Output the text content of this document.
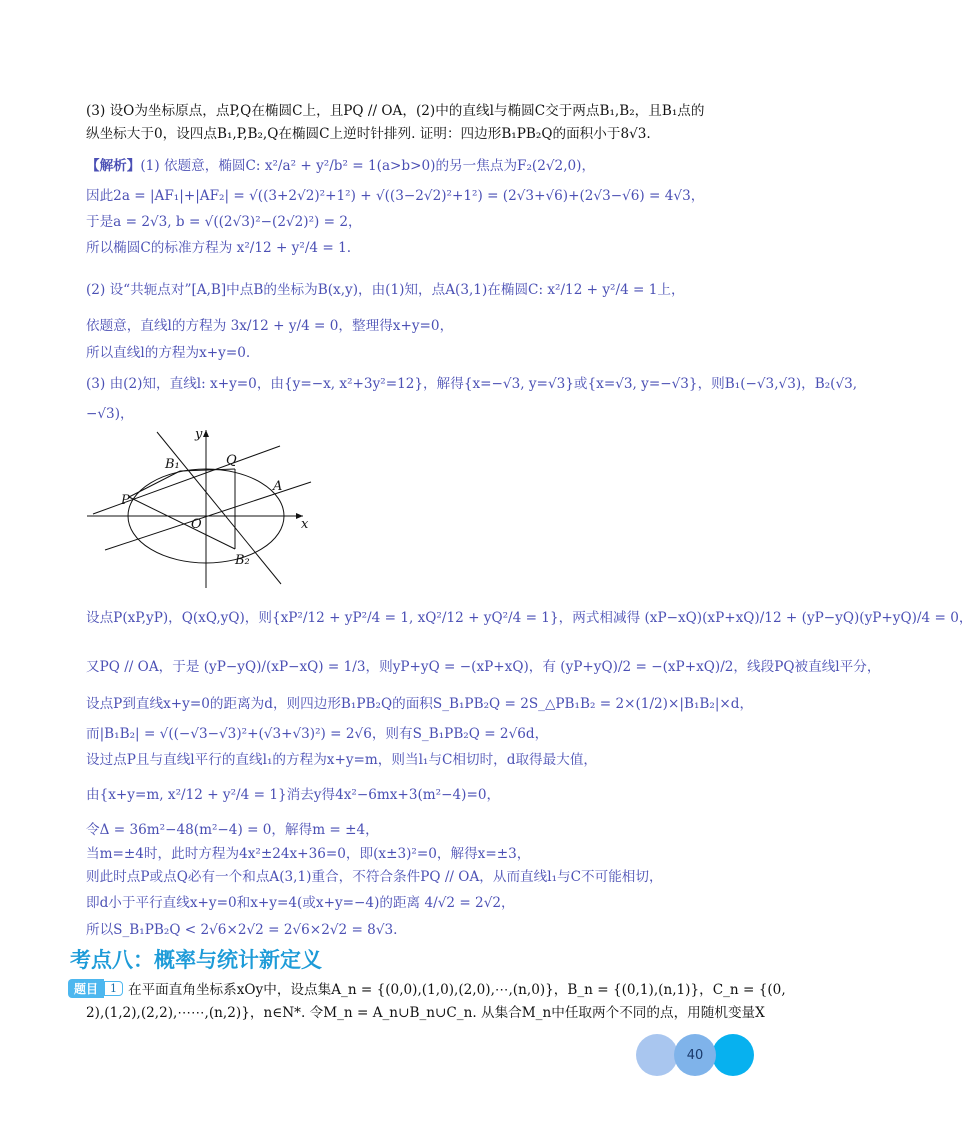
(3) 设O为坐标原点，点P,Q在椭圆C上，且PQ // OA，(2)中的直线l与椭圆C交于两点B₁,B₂，且B₁点的
纵坐标大于0，设四点B₁,P,B₂,Q在椭圆C上逆时针排列. 证明：四边形B₁PB₂Q的面积小于8√3.
【解析】(1) 依题意，椭圆C: x²/a² + y²/b² = 1(a>b>0)的另一焦点为F₂(2√2,0)，
因此2a = |AF₁|+|AF₂| = √((3+2√2)²+1²) + √((3−2√2)²+1²) = (2√3+√6)+(2√3−√6) = 4√3，
于是a = 2√3, b = √((2√3)²−(2√2)²) = 2，
所以椭圆C的标准方程为 x²/12 + y²/4 = 1.
(2) 设“共轭点对”[A,B]中点B的坐标为B(x,y)，由(1)知，点A(3,1)在椭圆C: x²/12 + y²/4 = 1上，
依题意，直线l的方程为 3x/12 + y/4 = 0，整理得x+y=0，
所以直线l的方程为x+y=0.
(3) 由(2)知，直线l: x+y=0，由{y=−x, x²+3y²=12}，解得{x=−√3, y=√3}或{x=√3, y=−√3}，则B₁(−√3,√3)，B₂(√3,
−√3)，
y
x
O
B₁	Q
A
P
B₂
设点P(xP,yP)，Q(xQ,yQ)，则{xP²/12 + yP²/4 = 1, xQ²/12 + yQ²/4 = 1}，两式相减得 (xP−xQ)(xP+xQ)/12 + (yP−yQ)(yP+yQ)/4 = 0，
又PQ // OA，于是 (yP−yQ)/(xP−xQ) = 1/3，则yP+yQ = −(xP+xQ)，有 (yP+yQ)/2 = −(xP+xQ)/2，线段PQ被直线l平分，
设点P到直线x+y=0的距离为d，则四边形B₁PB₂Q的面积S_B₁PB₂Q = 2S_△PB₁B₂ = 2×(1/2)×|B₁B₂|×d，
而|B₁B₂| = √((−√3−√3)²+(√3+√3)²) = 2√6，则有S_B₁PB₂Q = 2√6d，
设过点P且与直线l平行的直线l₁的方程为x+y=m，则当l₁与C相切时，d取得最大值，
由{x+y=m, x²/12 + y²/4 = 1}消去y得4x²−6mx+3(m²−4)=0，
令Δ = 36m²−48(m²−4) = 0，解得m = ±4，
当m=±4时，此时方程为4x²±24x+36=0，即(x±3)²=0，解得x=±3，
则此时点P或点Q必有一个和点A(3,1)重合，不符合条件PQ // OA，从而直线l₁与C不可能相切，
即d小于平行直线x+y=0和x+y=4(或x+y=−4)的距离 4/√2 = 2√2，
所以S_B₁PB₂Q < 2√6×2√2 = 2√6×2√2 = 8√3.
考点八：概率与统计新定义
题目	1 在平面直角坐标系xOy中，设点集A_n = {(0,0),(1,0),(2,0),⋯,(n,0)}，B_n = {(0,1),(n,1)}，C_n = {(0,
2),(1,2),(2,2),⋯⋯,(n,2)}，n∈N*. 令M_n = A_n∪B_n∪C_n. 从集合M_n中任取两个不同的点，用随机变量X
40
